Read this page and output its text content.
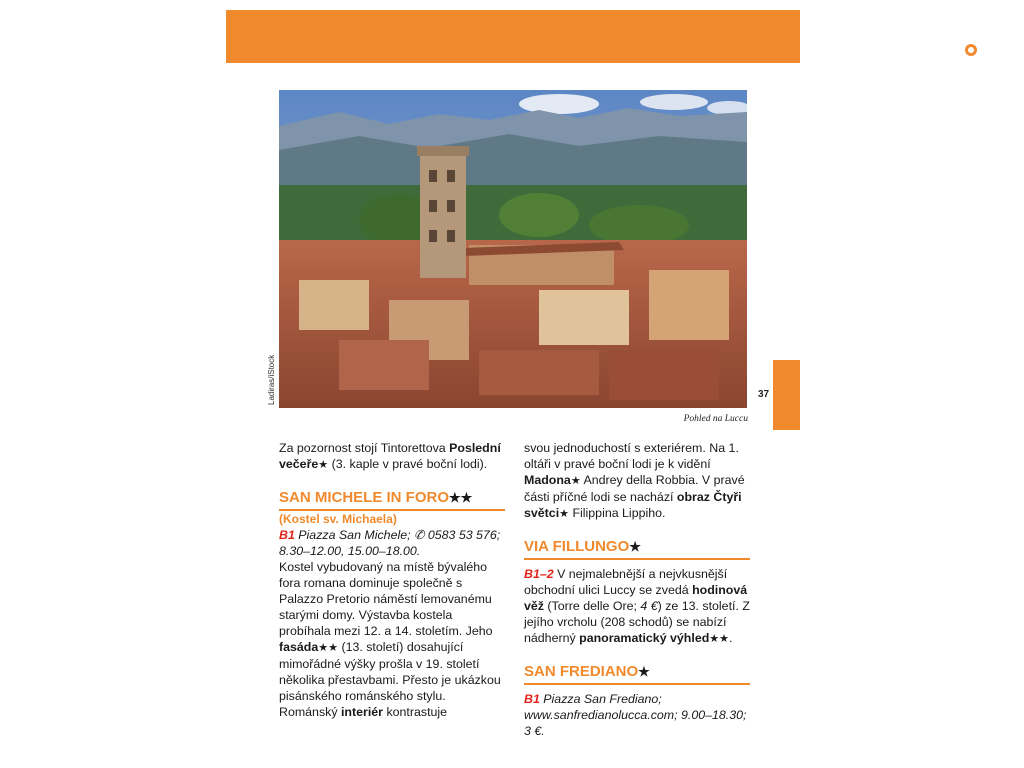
LUCCA
Ladiras/iStock
Pohled na Luccu
37

Za pozornost stojí Tintorettova Poslední večeře★ (3. kaple v pravé boční lodi).

SAN MICHELE IN FORO★★

(Kostel sv. Michaela)

B1 Piazza San Michele; ✆ 0583 53 576; 8.30–12.00, 15.00–18.00.

Kostel vybudovaný na místě bývalého fora romana dominuje společně s Palazzo Pretorio náměstí lemovanému starými domy. Výstavba kostela probíhala mezi 12. a 14. stoletím. Jeho fasáda★★ (13. století) dosahující mimořádné výšky prošla v 19. století několika přestavbami. Přesto je ukázkou pisánského románského stylu. Románský interiér kontrastuje

svou jednoduchostí s exteriérem. Na 1. oltáři v pravé boční lodi je k vidění Madona★ Andrey della Robbia. V pravé části příčné lodi se nachází obraz Čtyři světci★ Filippina Lippiho.

VIA FILLUNGO★

B1–2 V nejmalebnější a nejvkusnější obchodní ulici Luccy se zvedá hodinová věž (Torre delle Ore; 4 €) ze 13. století. Z jejího vrcholu (208 schodů) se nabízí nádherný panoramatický výhled★★.

SAN FREDIANO★

B1 Piazza San Frediano; www.sanfredianolucca.com; 9.00–18.30; 3 €.
